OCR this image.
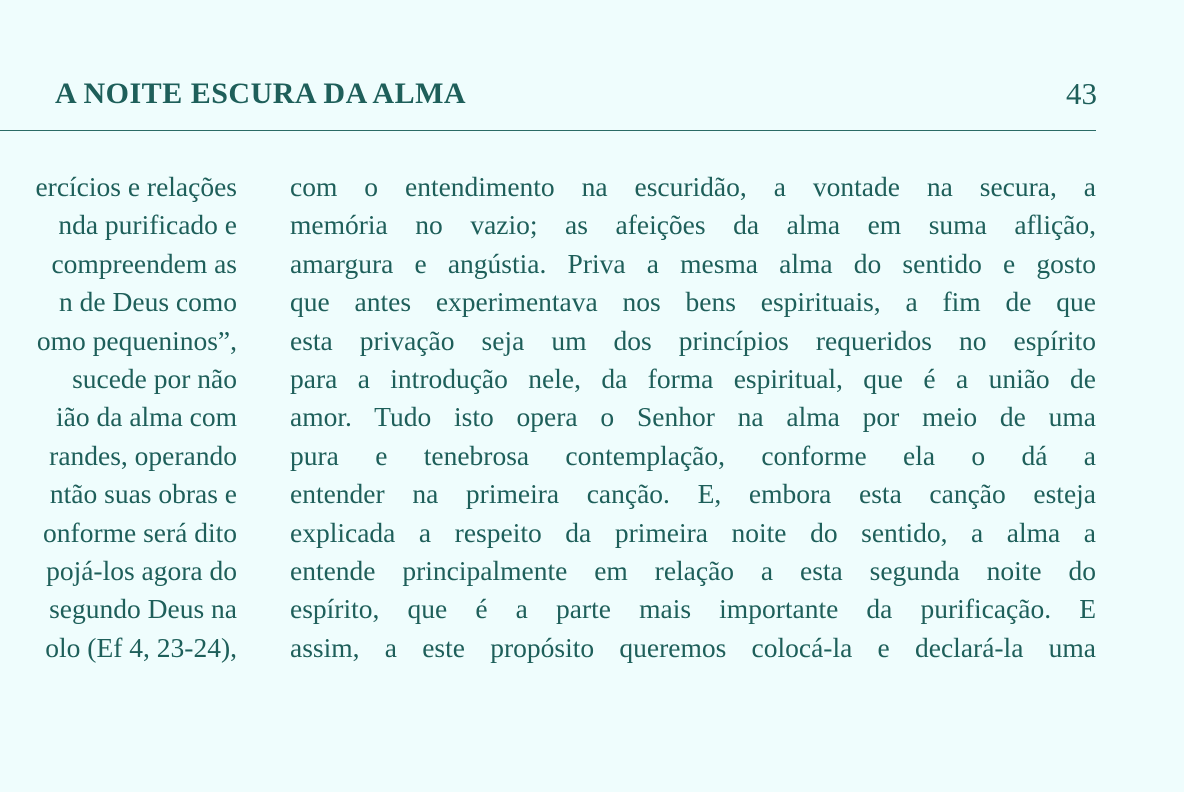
A NOITE ESCURA DA ALMA	43
ercícios e relações
nda purificado e
compreendem as
n de Deus como
omo pequeninos”,
sucede por não
ião da alma com
randes, operando
ntão suas obras e
onforme será dito
pojá-los agora do
segundo Deus na
olo (Ef 4, 23-24),
com o entendimento na escuridão, a vontade na secura, a
memória no vazio; as afeições da alma em suma aflição,
amargura e angústia. Priva a mesma alma do sentido e gosto
que antes experimentava nos bens espirituais, a fim de que
esta privação seja um dos princípios requeridos no espírito
para a introdução nele, da forma espiritual, que é a união de
amor. Tudo isto opera o Senhor na alma por meio de uma
pura e tenebrosa contemplação, conforme ela o dá a
entender na primeira canção. E, embora esta canção esteja
explicada a respeito da primeira noite do sentido, a alma a
entende principalmente em relação a esta segunda noite do
espírito, que é a parte mais importante da purificação. E
assim, a este propósito queremos colocá-la e declará-la uma
